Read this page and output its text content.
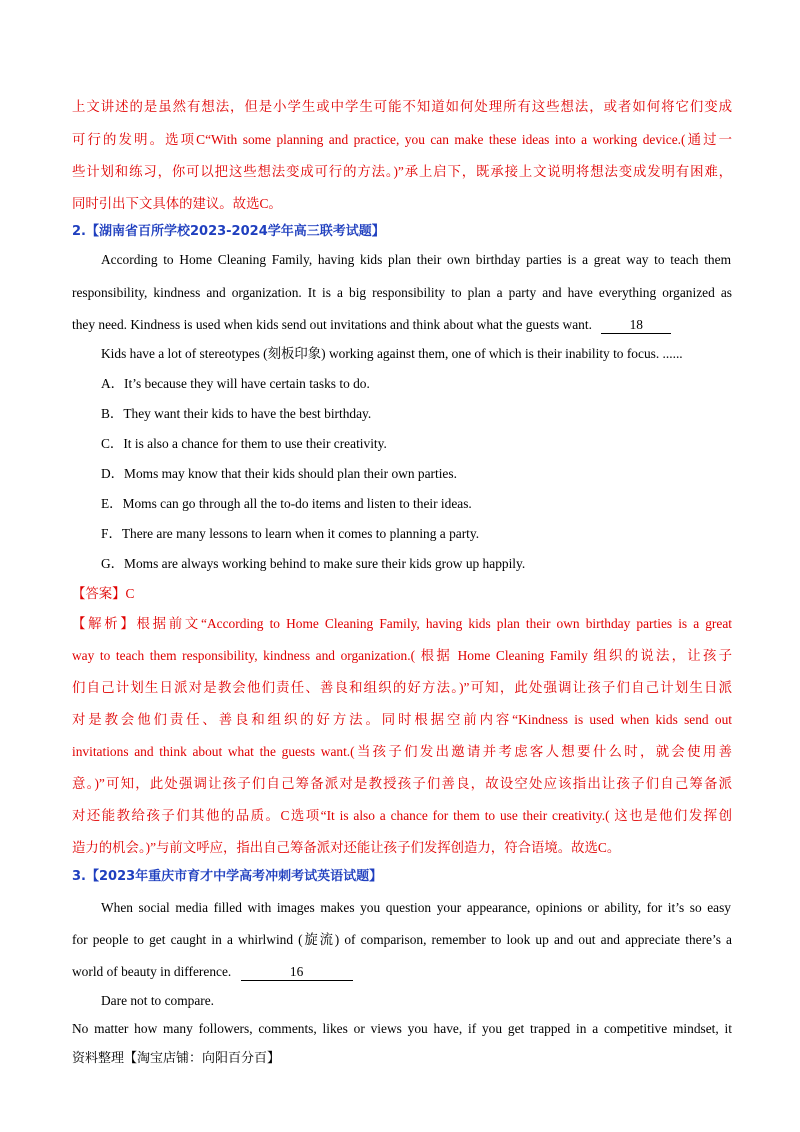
上文讲述的是虽然有想法，但是小学生或中学生可能不知道如何处理所有这些想法，或者如何将它们变成
可行的发明。选项C“With some planning and practice, you can make these ideas into a working device.(通过一
些计划和练习，你可以把这些想法变成可行的方法。)”承上启下，既承接上文说明将想法变成发明有困难，
同时引出下文具体的建议。故选C。
2.【湖南省百所学校2023-2024学年高三联考试题】
According to Home Cleaning Family, having kids plan their own birthday parties is a great way to teach them
responsibility, kindness and organization. It is a big responsibility to plan a party and have everything organized as
they need. Kindness is used when kids send out invitations and think about what the guests want.	18
Kids have a lot of stereotypes (刻板印象) working against them, one of which is their inability to focus. ......
A．It’s because they will have certain tasks to do.
B．They want their kids to have the best birthday.
C．It is also a chance for them to use their creativity.
D．Moms may know that their kids should plan their own parties.
E．Moms can go through all the to-do items and listen to their ideas.
F．There are many lessons to learn when it comes to planning a party.
G．Moms are always working behind to make sure their kids grow up happily.
【答案】C
【解析】根据前文“According to Home Cleaning Family, having kids plan their own birthday parties is a great
way to teach them responsibility, kindness and organization.( 根据 Home Cleaning Family 组织的说法，让孩子
们自己计划生日派对是教会他们责任、善良和组织的好方法。)”可知，此处强调让孩子们自己计划生日派
对是教会他们责任、善良和组织的好方法。同时根据空前内容“Kindness is used when kids send out
invitations and think about what the guests want.(当孩子们发出邀请并考虑客人想要什么时，就会使用善
意。)”可知，此处强调让孩子们自己筹备派对是教授孩子们善良，故设空处应该指出让孩子们自己筹备派
对还能教给孩子们其他的品质。C选项“It is also a chance for them to use their creativity.( 这也是他们发挥创
造力的机会。)”与前文呼应，指出自己筹备派对还能让孩子们发挥创造力，符合语境。故选C。
3.【2023年重庆市育才中学高考冲刺考试英语试题】
When social media filled with images makes you question your appearance, opinions or ability, for it’s so easy
for people to get caught in a whirlwind (旋流) of comparison, remember to look up and out and appreciate there’s a
world of beauty in difference.	16
Dare not to compare.
No matter how many followers, comments, likes or views you have, if you get trapped in a competitive mindset, it
资料整理【淘宝店铺：向阳百分百】
